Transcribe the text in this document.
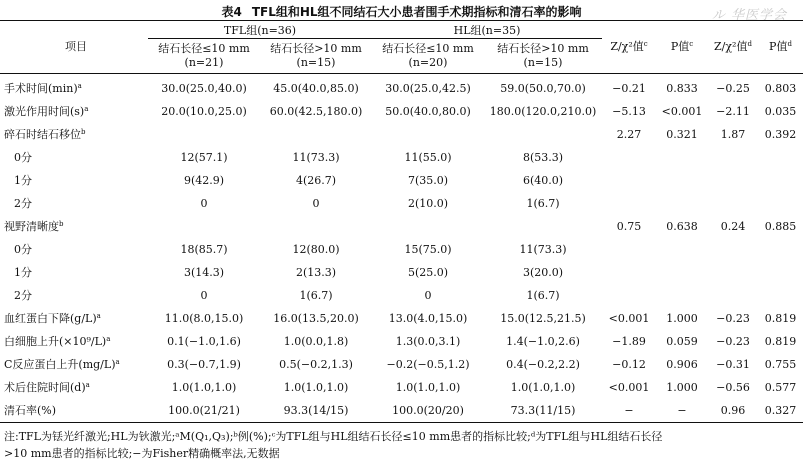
ル 华医学会
表4 TFL组和HL组不同结石大小患者围手术期指标和清石率的影响
项目	TFL组(n=36)		HL组(n=35)		Z/χ²值$^c$	P值$^c$	Z/χ²值$^d$	P值$^d$
	结石长径≤10 mm	结石长径>10 mm	结石长径≤10 mm	结石长径>10 mm					
	(n=21)	(n=15)	(n=20)	(n=15)					
手术时间$(\min)^a$	30.0(25.0,40.0)	45.0(40.0,85.0)	30.0(25.0,42.5)	59.0(50.0,70.0)	−0.21	0.833	−0.25	0.803	
激光作用时间$(s)^a$	20.0(10.0,25.0)	60.0(42.5,180.0)	50.0(40.0,80.0)	180.0(120.0,210.0)	−5.13	<0.001	−2.11	0.035	
碎石时结石移位$^b$					2.27	0.321	1.87	0.392	
0分	12(57.1)	11(73.3)	11(55.0)	8(53.3)					
1分	9(42.9)	4(26.7)	7(35.0)	6(40.0)					
2分	0	0	2(10.0)	1(6.7)					
视野清晰度$^b$					0.75	0.638	0.24	0.885	
0分	18(85.7)	12(80.0)	15(75.0)	11(73.3)					
1分	3(14.3)	2(13.3)	5(25.0)	3(20.0)					
2分	0	1(6.7)	0	1(6.7)					
血红蛋白下降$(g/L)^a$	11.0(8.0,15.0)	16.0(13.5,20.0)	13.0(4.0,15.0)	15.0(12.5,21.5)	<0.001	1.000	−0.23	0.819	
白细胞上升$(\times 10^9/L)^a$	0.1(−1.0,1.6)	1.0(0.0,1.8)	1.3(0.0,3.1)	1.4(−1.0,2.6)	−1.89	0.059	−0.23	0.819	
C反应蛋白上升$(mg/L)^a$	0.3(−0.7,1.9)	0.5(−0.2,1.3)	−0.2(−0.5,1.2)	0.4(−0.2,2.2)	−0.12	0.906	−0.31	0.755	
术后住院时间$(d)^a$	1.0(1.0,1.0)	1.0(1.0,1.0)	1.0(1.0,1.0)	1.0(1.0,1.0)	<0.001	1.000	−0.56	0.577	
清石率(%)	100.0(21/21)	93.3(14/15)	100.0(20/20)	73.3(11/15)	−	−	0.96	0.327	
注:TFL为铥光纤激光;HL为钬激光;ᵃM(Q₁,Q₃);ᵇ例(%);ᶜ为TFL组与HL组结石长径≤10 mm患者的指标比较;ᵈ为TFL组与HL组结石长径
>10 mm患者的指标比较;−为Fisher精确概率法,无数据
